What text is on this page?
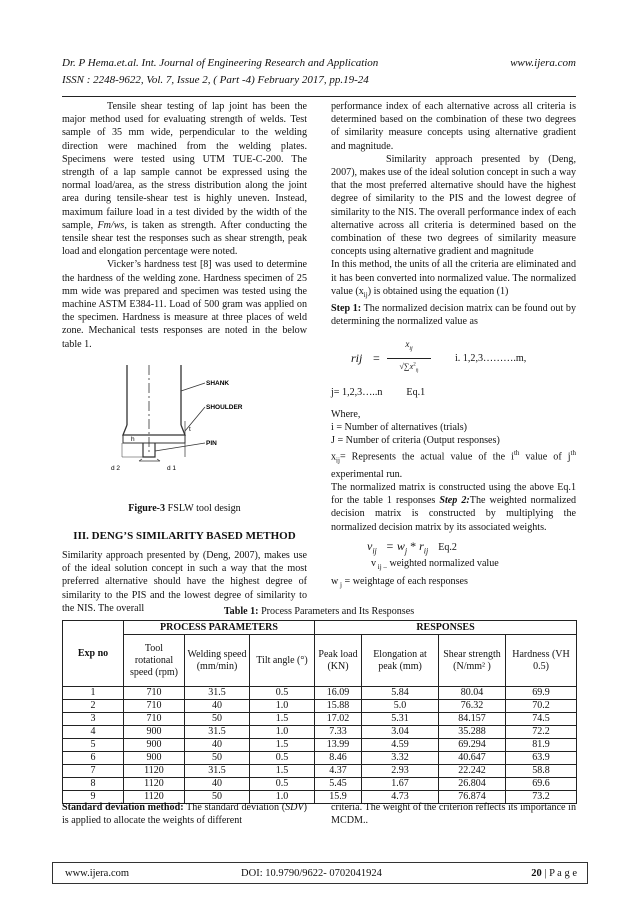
Dr. P Hema.et.al. Int. Journal of Engineering Research and Application	www.ijera.com
ISSN : 2248-9622, Vol. 7, Issue 2, ( Part -4) February 2017, pp.19-24

Tensile shear testing of lap joint has been the major method used for evaluating strength of welds. Test sample of 35 mm wide, perpendicular to the welding direction were machined from the welding plates. Specimens were tested using UTM TUE-C-200. The strength of a lap sample cannot be expressed using the normal load/area, as the stress distribution along the joint area during tensile-shear test is highly uneven. Instead, maximum failure load in a test divided by the width of the sample, Fm/ws, is taken as strength. After conducting the tensile shear test the responses such as shear strength, peak load and elongation percentage were noted.

Vicker’s hardness test [8] was used to determine the hardness of the welding zone. Hardness specimen of 25 mm wide was prepared and specimen was tested using the machine ASTM E384-11. Load of 500 gram was applied on the specimen. Hardness is measure at three places of weld zone. Mechanical tests responses are noted in the below table 1.

SHANK
SHOULDER
PIN
t
h
d 2	d 1
Figure-3 FSLW tool design
III. DENG’S SIMILARITY BASED METHOD

Similarity approach presented by (Deng, 2007), makes use of the ideal solution concept in such a way that the most preferred alternative should have the highest degree of similarity to the PIS and the lowest degree of similarity to the NIS. The overall

performance index of each alternative across all criteria is determined based on the combination of these two degrees of similarity measure concepts using alternative gradient and magnitude.

Similarity approach presented by (Deng, 2007), makes use of the ideal solution concept in such a way that the most preferred alternative should have the highest degree of similarity to the PIS and the lowest degree of similarity to the NIS. The overall performance index of each alternative across all criteria is determined based on the combination of these two degrees of similarity measure concepts using alternative gradient and magnitude

In this method, the units of all the criteria are eliminated and it has been converted into normalized value. The normalized value $(x_{ij})$ is obtained using the equation (1)

Step 1: The normalized decision matrix can be found out by determining the normalized value as

rij =
$x_{ij}$
$√\sum x^2_{ij}$
i. 1,2,3……….m,

j= 1,2,3…..n Eq.1

Where,

i = Number of alternatives (trials)

J = Number of criteria (Output responses)

$x_{ij}=$ Represents the actual value of the $i^{th}$ value of $j^{th}$ experimental run.

The normalized matrix is constructed using the above Eq.1 for the table 1 responses Step 2:The weighted normalized decision matrix is constructed by multiplying the normalized decision matrix by its associated weights.

$v_{ij} = w_j * r_{ij}$ Eq.2

v $_{ij -}$ weighted normalized value

w $_j$ = weightage of each responses

Table 1: Process Parameters and Its Responses
Exp no	PROCESS PARAMETERS			RESPONSES			
	Tool rotational speed (rpm)	Welding speed (mm/min)	Tilt angle (°)	Peak load (KN)	Elongation at peak (mm)	Shear strength (N/mm² )	Hardness (VH 0.5)
1	710	31.5	0.5	16.09	5.84	80.04	69.9
2	710	40	1.0	15.88	5.0	76.32	70.2
3	710	50	1.5	17.02	5.31	84.157	74.5
4	900	31.5	1.0	7.33	3.04	35.288	72.2
5	900	40	1.5	13.99	4.59	69.294	81.9
6	900	50	0.5	8.46	3.32	40.647	63.9
7	1120	31.5	1.5	4.37	2.93	22.242	58.8
8	1120	40	0.5	5.45	1.67	26.804	69.6
9	1120	50	1.0	15.9	4.73	76.874	73.2
Standard deviation method: The standard deviation (SDV) is applied to allocate the weights of different
criteria. The weight of the criterion reflects its importance in MCDM..
www.ijera.com	DOI: 10.9790/9622- 0702041924	20 | P a g e
